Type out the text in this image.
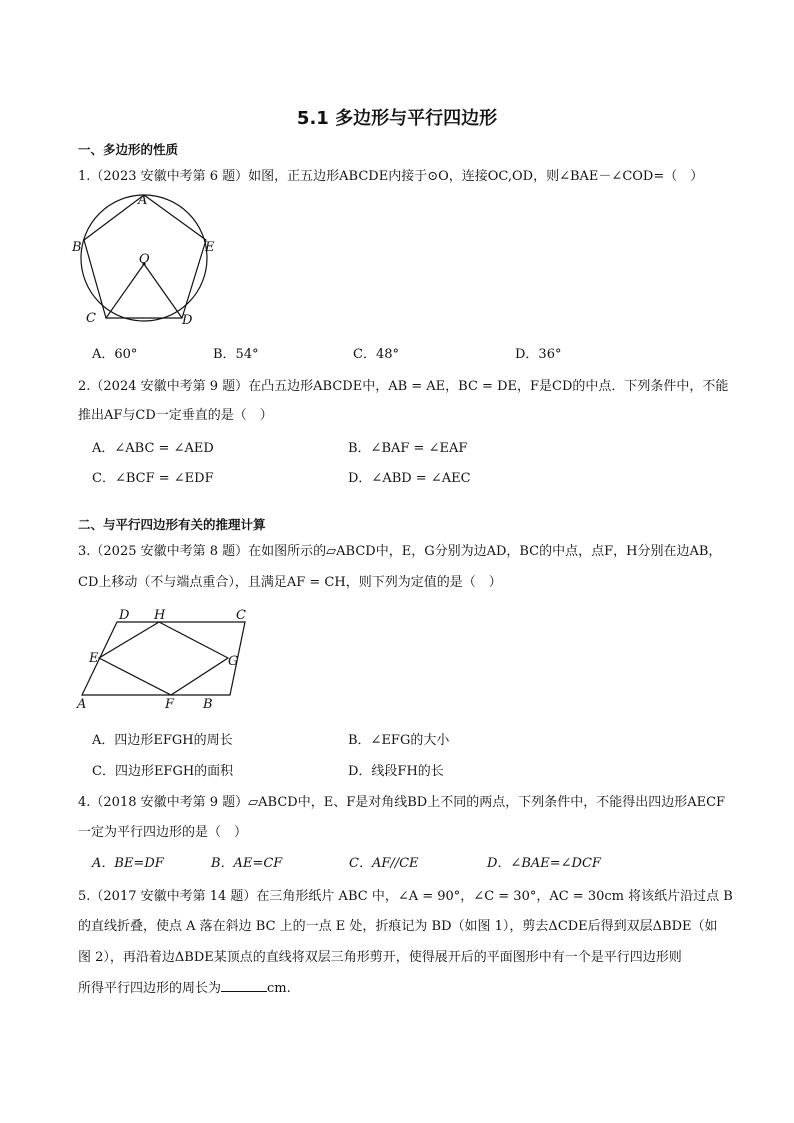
5.1 多边形与平行四边形
一、多边形的性质
1.（2023 安徽中考第 6 题）如图，正五边形ABCDE内接于⊙O，连接OC,OD，则∠BAE－∠COD=（　）
A
B	E
O
C	D
A．60°	B．54°	C．48°	D．36°
2.（2024 安徽中考第 9 题）在凸五边形ABCDE中，AB = AE，BC = DE，F是CD的中点．下列条件中，不能
推出AF与CD一定垂直的是（　）
A．∠ABC = ∠AED	B．∠BAF = ∠EAF
C．∠BCF = ∠EDF	D．∠ABD = ∠AEC
二、与平行四边形有关的推理计算
3.（2025 安徽中考第 8 题）在如图所示的▱ABCD中，E，G分别为边AD，BC的中点，点F，H分别在边AB，
CD上移动（不与端点重合），且满足AF = CH，则下列为定值的是（　）
D H	C
E	G
A	F B
A．四边形EFGH的周长	B．∠EFG的大小
C．四边形EFGH的面积	D．线段FH的长
4.（2018 安徽中考第 9 题）▱ABCD中，E、F是对角线BD上不同的两点，下列条件中，不能得出四边形AECF
一定为平行四边形的是（　）
A．BE=DF	B．AE=CF	C．AF//CE	D．∠BAE=∠DCF
5.（2017 安徽中考第 14 题）在三角形纸片 ABC 中，∠A = 90°，∠C = 30°，AC = 30cm 将该纸片沿过点 B
的直线折叠，使点 A 落在斜边 BC 上的一点 E 处，折痕记为 BD（如图 1），剪去ΔCDE后得到双层ΔBDE（如
图 2），再沿着边ΔBDE某顶点的直线将双层三角形剪开，使得展开后的平面图形中有一个是平行四边形则
所得平行四边形的周长为	cm.
